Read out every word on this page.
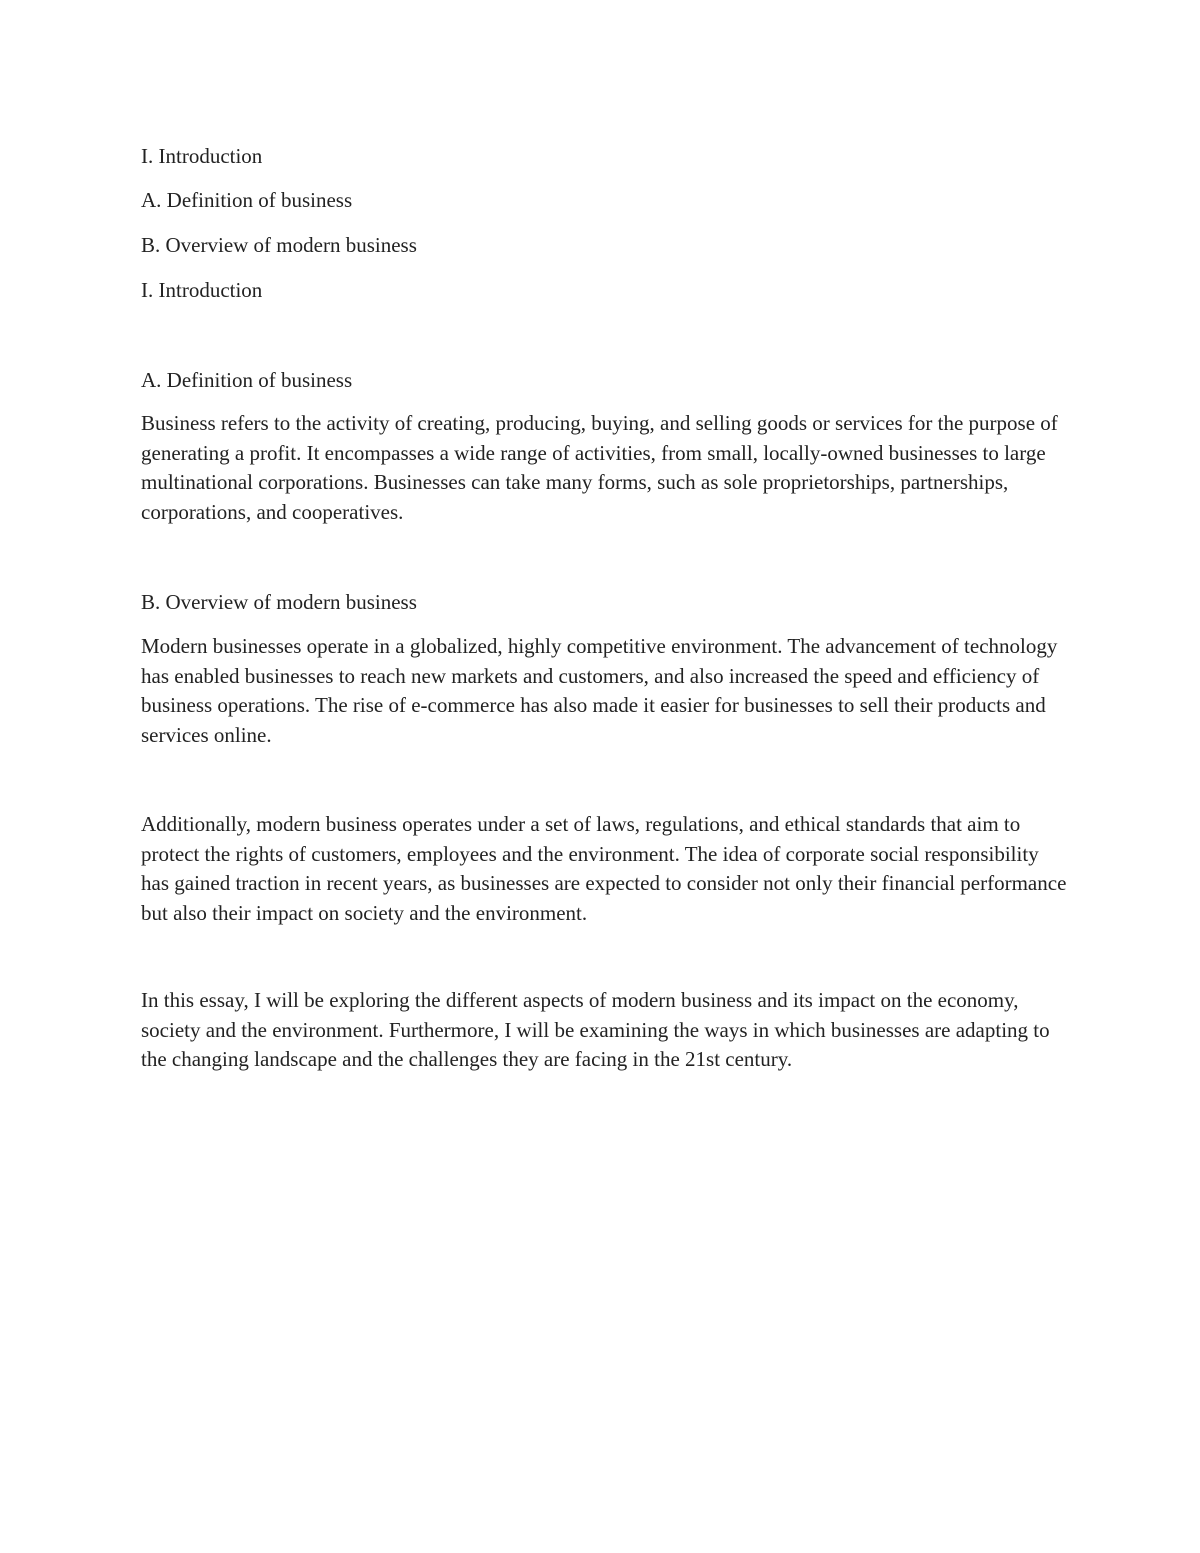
I. Introduction

A. Definition of business

B. Overview of modern business

I. Introduction

A. Definition of business

Business refers to the activity of creating, producing, buying, and selling goods or services for the purpose of generating a profit. It encompasses a wide range of activities, from small, locally-owned businesses to large multinational corporations. Businesses can take many forms, such as sole proprietorships, partnerships, corporations, and cooperatives.

B. Overview of modern business

Modern businesses operate in a globalized, highly competitive environment. The advancement of technology has enabled businesses to reach new markets and customers, and also increased the speed and efficiency of business operations. The rise of e-commerce has also made it easier for businesses to sell their products and services online.

Additionally, modern business operates under a set of laws, regulations, and ethical standards that aim to protect the rights of customers, employees and the environment. The idea of corporate social responsibility has gained traction in recent years, as businesses are expected to consider not only their financial performance but also their impact on society and the environment.

In this essay, I will be exploring the different aspects of modern business and its impact on the economy, society and the environment. Furthermore, I will be examining the ways in which businesses are adapting to the changing landscape and the challenges they are facing in the 21st century.
